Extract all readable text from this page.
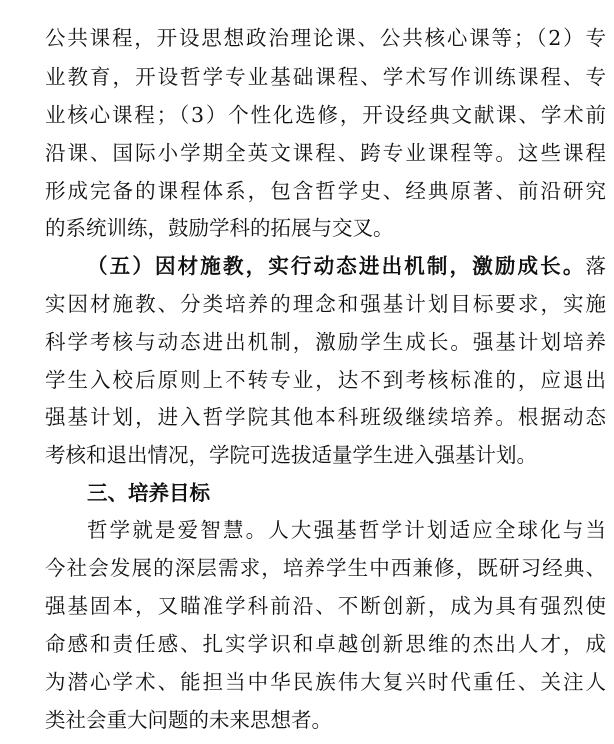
公共课程，开设思想政治理论课、公共核心课等；（2）专
业教育，开设哲学专业基础课程、学术写作训练课程、专
业核心课程；（3）个性化选修，开设经典文献课、学术前
沿课、国际小学期全英文课程、跨专业课程等。这些课程
形成完备的课程体系，包含哲学史、经典原著、前沿研究
的系统训练，鼓励学科的拓展与交叉。
（五）因材施教，实行动态进出机制，激励成长。落
实因材施教、分类培养的理念和强基计划目标要求，实施
科学考核与动态进出机制，激励学生成长。强基计划培养
学生入校后原则上不转专业，达不到考核标准的，应退出
强基计划，进入哲学院其他本科班级继续培养。根据动态
考核和退出情况，学院可选拔适量学生进入强基计划。
三、培养目标
哲学就是爱智慧。人大强基哲学计划适应全球化与当
今社会发展的深层需求，培养学生中西兼修，既研习经典、
强基固本，又瞄准学科前沿、不断创新，成为具有强烈使
命感和责任感、扎实学识和卓越创新思维的杰出人才，成
为潜心学术、能担当中华民族伟大复兴时代重任、关注人
类社会重大问题的未来思想者。
